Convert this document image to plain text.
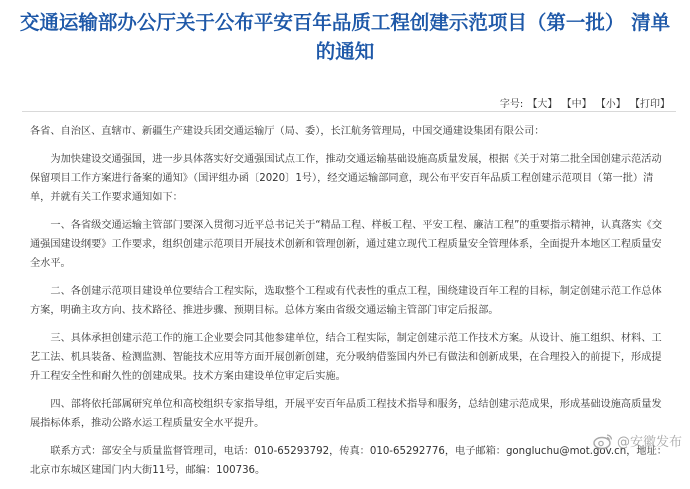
交通运输部办公厅关于公布平安百年品质工程创建示范项目（第一批） 清单
的通知
字号: 【大】 【中】 【小】 【打印】

各省、自治区、直辖市、新疆生产建设兵团交通运输厅（局、委），长江航务管理局，中国交通建设集团有限公司：

为加快建设交通强国，进一步具体落实好交通强国试点工作，推动交通运输基础设施高质量发展，根据《关于对第二批全国创建示范活动保留项目工作方案进行备案的通知》（国评组办函〔2020〕1号），经交通运输部同意，现公布平安百年品质工程创建示范项目（第一批）清单，并就有关工作要求通知如下：

一、各省级交通运输主管部门要深入贯彻习近平总书记关于“精品工程、样板工程、平安工程、廉洁工程”的重要指示精神，认真落实《交通强国建设纲要》工作要求，组织创建示范项目开展技术创新和管理创新，通过建立现代工程质量安全管理体系，全面提升本地区工程质量安全水平。

二、各创建示范项目建设单位要结合工程实际，选取整个工程或有代表性的重点工程，围绕建设百年工程的目标，制定创建示范工作总体方案，明确主攻方向、技术路径、推进步骤、预期目标。总体方案由省级交通运输主管部门审定后报部。

三、具体承担创建示范工作的施工企业要会同其他参建单位，结合工程实际，制定创建示范工作技术方案。从设计、施工组织、材料、工艺工法、机具装备、检测监测、智能技术应用等方面开展创新创建，充分吸纳借鉴国内外已有做法和创新成果，在合理投入的前提下，形成提升工程安全性和耐久性的创建成果。技术方案由建设单位审定后实施。

四、部将依托部属研究单位和高校组织专家指导组，开展平安百年品质工程技术指导和服务，总结创建示范成果，形成基础设施高质量发展指标体系，推动公路水运工程质量安全水平提升。

联系方式：部安全与质量监督管理司，电话：010-65293792，传真：010-65292776，电子邮箱：gongluchu@mot.gov.cn，地址：北京市东城区建国门内大街11号，邮编：100736。

@安徽发布
